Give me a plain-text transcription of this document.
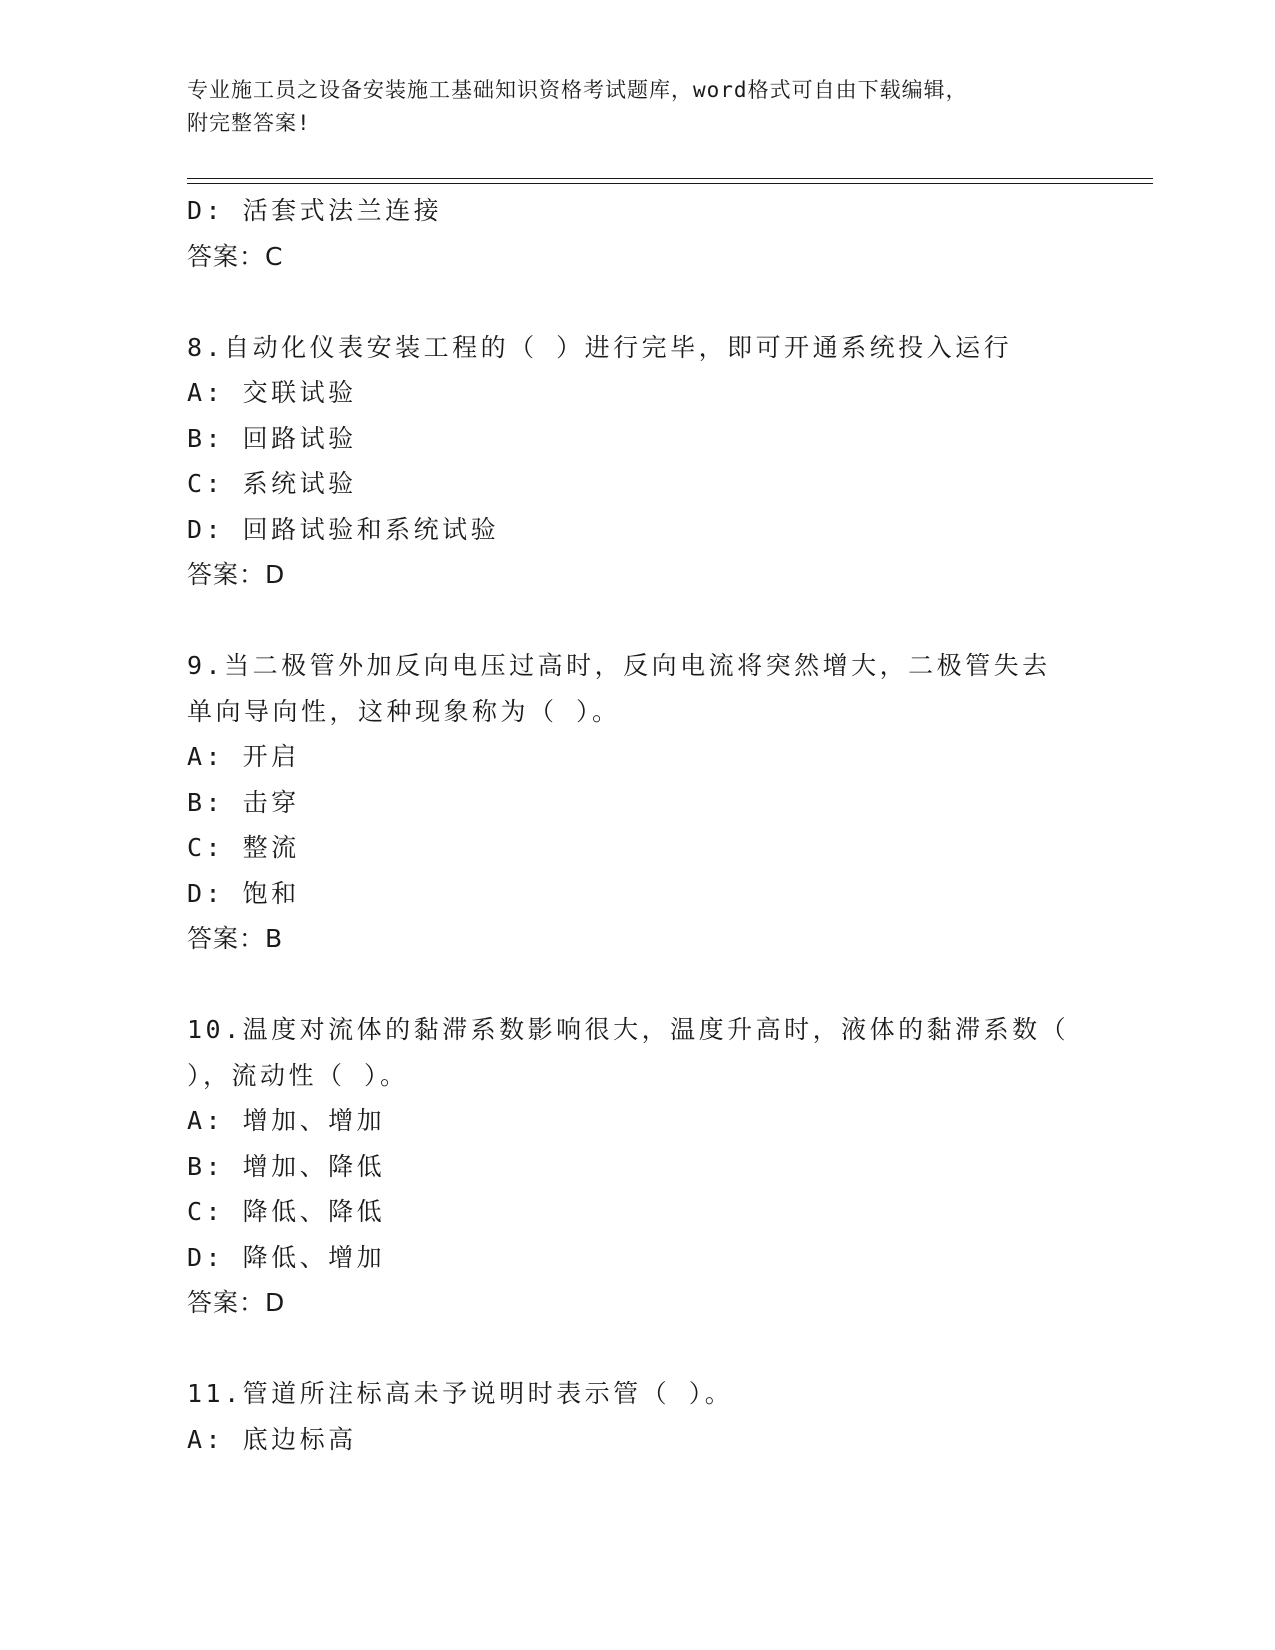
专业施工员之设备安装施工基础知识资格考试题库，word格式可自由下载编辑，
附完整答案!
D: 活套式法兰连接
答案：C
8.自动化仪表安装工程的（ ）进行完毕，即可开通系统投入运行
A: 交联试验
B: 回路试验
C: 系统试验
D: 回路试验和系统试验
答案：D
9.当二极管外加反向电压过高时，反向电流将突然增大，二极管失去
单向导向性，这种现象称为（ ）。
A: 开启
B: 击穿
C: 整流
D: 饱和
答案：B
10.温度对流体的黏滞系数影响很大，温度升高时，液体的黏滞系数（
），流动性（ ）。
A: 增加、增加
B: 增加、降低
C: 降低、降低
D: 降低、增加
答案：D
11.管道所注标高未予说明时表示管（ ）。
A: 底边标高
